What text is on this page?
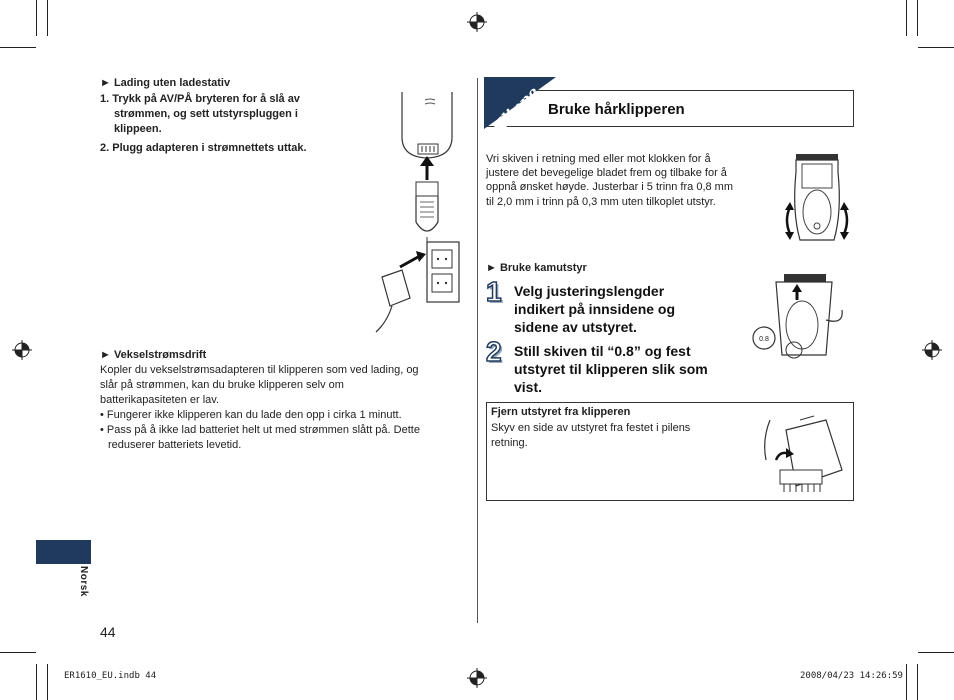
► Lading uten ladestativ
1. Trykk på AV/PÅ bryteren for å slå av
strømmen, og sett utstyrspluggen i
klippeen.
2. Plugg adapteren i strømnettets uttak.
► Vekselstrømsdrift
Kopler du vekselstrømsadapteren til klipperen som ved lading, og
slår på strømmen, kan du bruke klipperen selv om
batterikapasiteten er lav.
• Fungerer ikke klipperen kan du lade den opp i cirka 1 minutt.
• Pass på å ikke lad batteriet helt ut med strømmen slått på. Dette
reduserer batteriets levetid.
Norsk
44
Klippe Bruke hårklipperen
Vri skiven i retning med eller mot klokken for å
justere det bevegelige bladet frem og tilbake for å
oppnå ønsket høyde. Justerbar i 5 trinn fra 0,8 mm
til 2,0 mm i trinn på 0,3 mm uten tilkoplet utstyr.
► Bruke kamutstyr
1 Velg justeringslengder
indikert på innsidene og
sidene av utstyret.
2 Still skiven til “0.8” og fest
utstyret til klipperen slik som
vist.
0.8
Fjern utstyret fra klipperen
Skyv en side av utstyret fra festet i pilens
retning.
ER1610_EU.indb 44	2008/04/23 14:26:59
